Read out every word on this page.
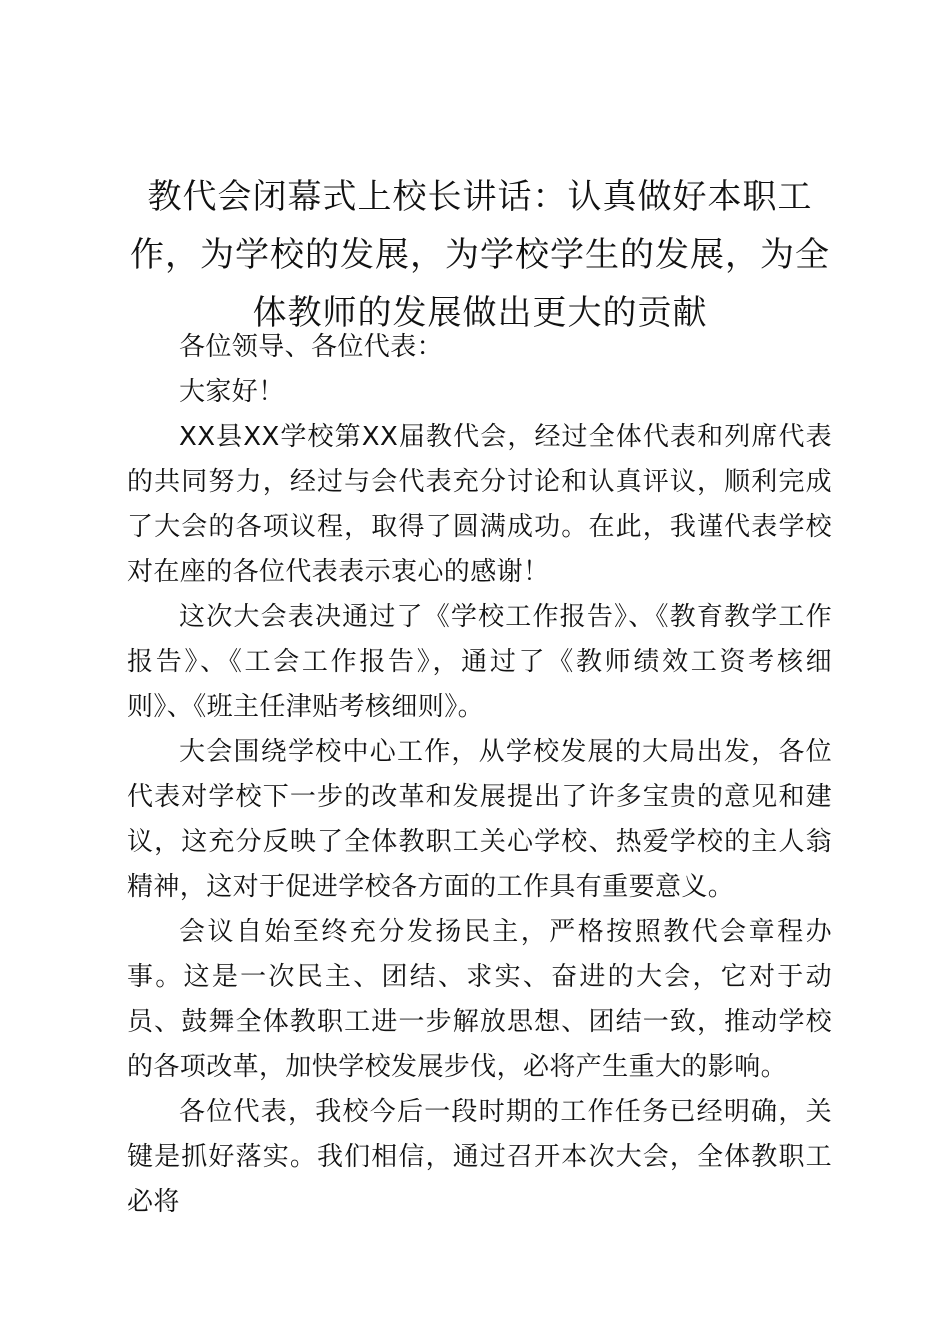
教代会闭幕式上校长讲话：认真做好本职工作，为学校的发展，为学校学生的发展，为全体教师的发展做出更大的贡献

各位领导、各位代表：

大家好！

XX县XX学校第XX届教代会，经过全体代表和列席代表的共同努力，经过与会代表充分讨论和认真评议，顺利完成了大会的各项议程，取得了圆满成功。在此，我谨代表学校对在座的各位代表表示衷心的感谢！

这次大会表决通过了《学校工作报告》、《教育教学工作报告》、《工会工作报告》，通过了《教师绩效工资考核细则》、《班主任津贴考核细则》。

大会围绕学校中心工作，从学校发展的大局出发，各位代表对学校下一步的改革和发展提出了许多宝贵的意见和建议，这充分反映了全体教职工关心学校、热爱学校的主人翁精神，这对于促进学校各方面的工作具有重要意义。

会议自始至终充分发扬民主，严格按照教代会章程办事。这是一次民主、团结、求实、奋进的大会，它对于动员、鼓舞全体教职工进一步解放思想、团结一致，推动学校的各项改革，加快学校发展步伐，必将产生重大的影响。

各位代表，我校今后一段时期的工作任务已经明确，关键是抓好落实。我们相信，通过召开本次大会，全体教职工必将
